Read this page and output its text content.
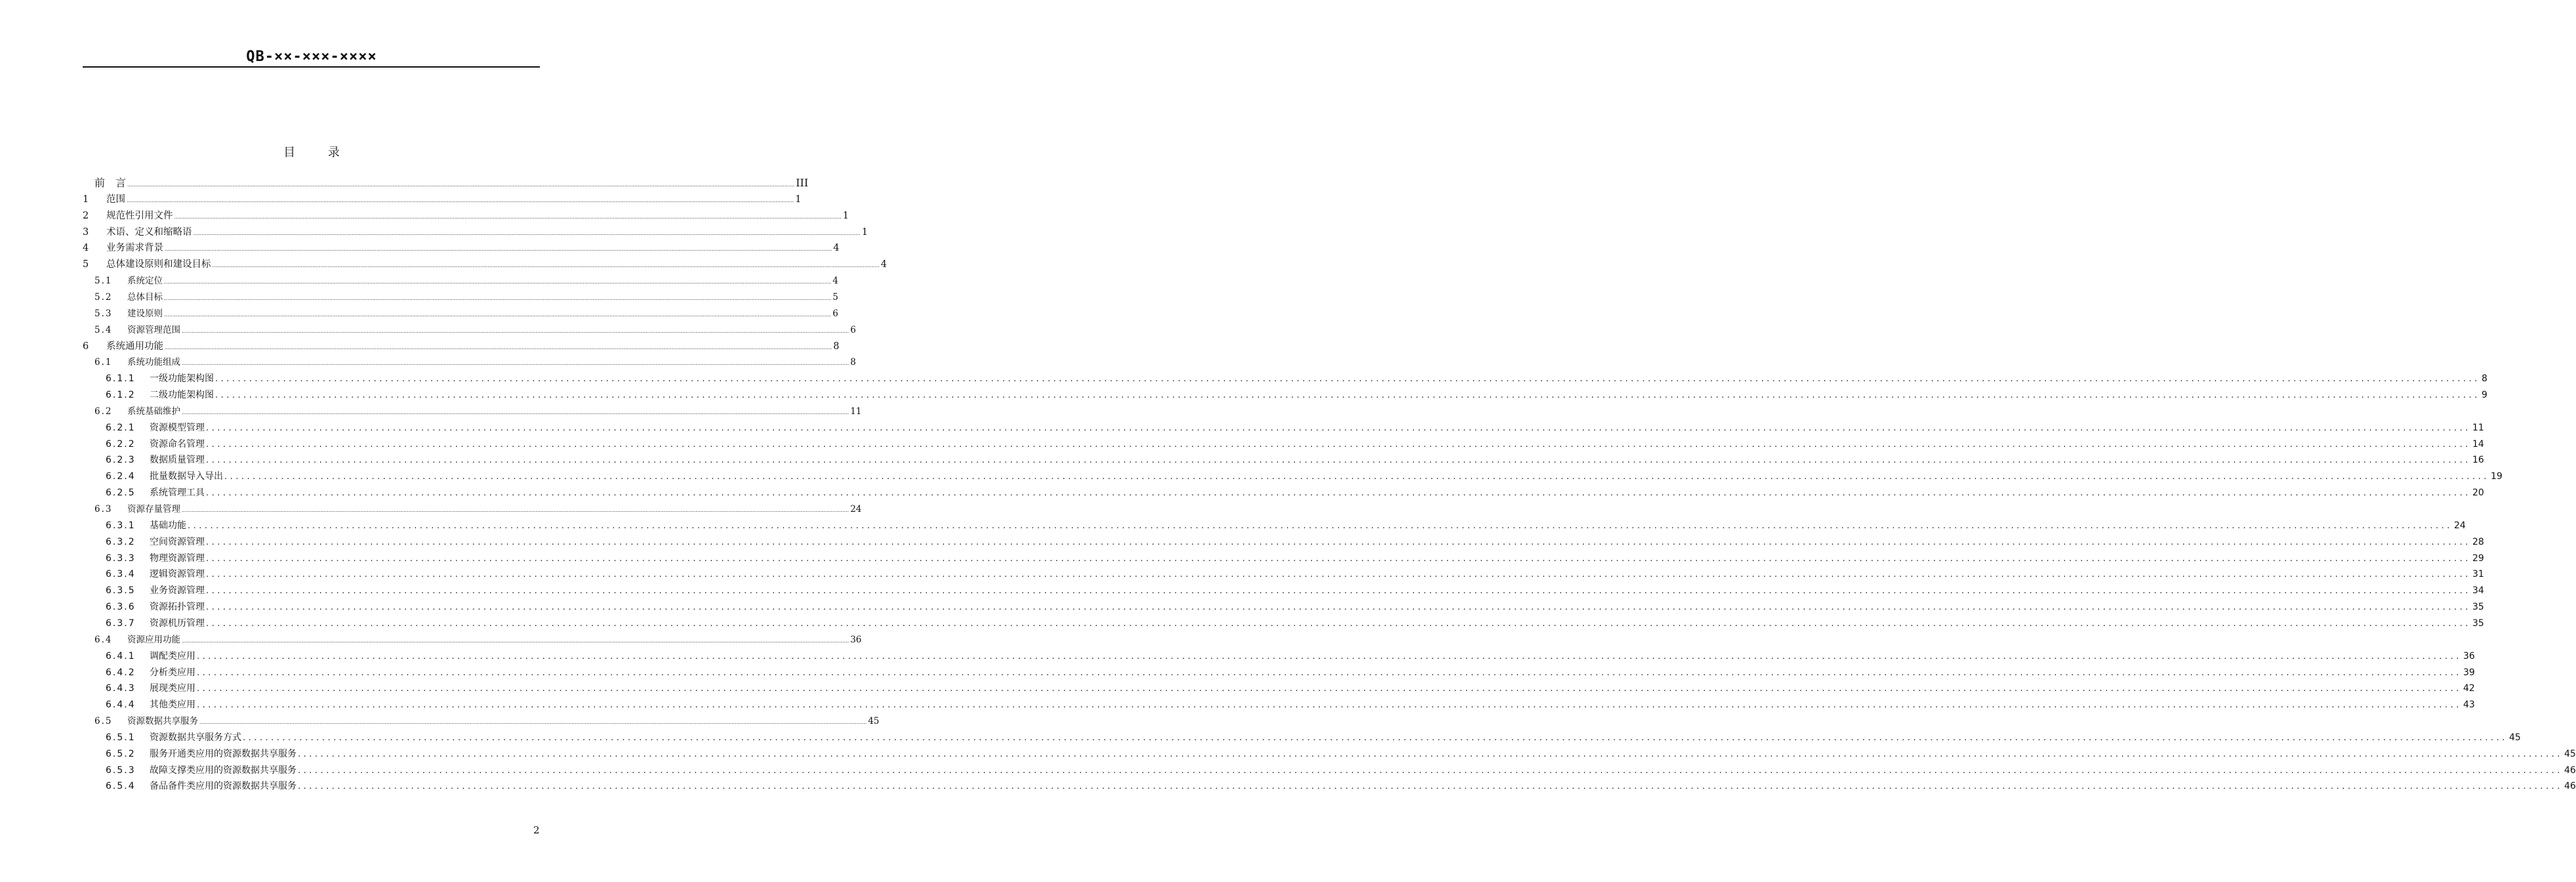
QB-××-×××-××××
目 录
前　言 ................................................................................................................................................................................................................................................................................................................................................................................................................ III
1 范围 ................................................................................................................................................................................................................................................................................................................................................................................................................ 1
2 规范性引用文件 ................................................................................................................................................................................................................................................................................................................................................................................................................ 1
3 术语、定义和缩略语 ................................................................................................................................................................................................................................................................................................................................................................................................................ 1
4 业务需求背景 ................................................................................................................................................................................................................................................................................................................................................................................................................ 4
5 总体建设原则和建设目标 ................................................................................................................................................................................................................................................................................................................................................................................................................ 4
5.1 系统定位 ................................................................................................................................................................................................................................................................................................................................................................................................................ 4
5.2 总体目标 ................................................................................................................................................................................................................................................................................................................................................................................................................ 5
5.3 建设原则 ................................................................................................................................................................................................................................................................................................................................................................................................................ 6
5.4 资源管理范围 ................................................................................................................................................................................................................................................................................................................................................................................................................ 6
6 系统通用功能 ................................................................................................................................................................................................................................................................................................................................................................................................................ 8
6.1 系统功能组成 ................................................................................................................................................................................................................................................................................................................................................................................................................ 8
6.1.1 一级功能架构图 ................................................................................................................................................................................................................................................................................................................................................................................................................ 8
6.1.2 二级功能架构图 ................................................................................................................................................................................................................................................................................................................................................................................................................ 9
6.2 系统基础维护 ................................................................................................................................................................................................................................................................................................................................................................................................................ 11
6.2.1 资源模型管理 ................................................................................................................................................................................................................................................................................................................................................................................................................ 11
6.2.2 资源命名管理 ................................................................................................................................................................................................................................................................................................................................................................................................................ 14
6.2.3 数据质量管理 ................................................................................................................................................................................................................................................................................................................................................................................................................ 16
6.2.4 批量数据导入导出 ................................................................................................................................................................................................................................................................................................................................................................................................................ 19
6.2.5 系统管理工具 ................................................................................................................................................................................................................................................................................................................................................................................................................ 20
6.3 资源存量管理 ................................................................................................................................................................................................................................................................................................................................................................................................................ 24
6.3.1 基础功能 ................................................................................................................................................................................................................................................................................................................................................................................................................ 24
6.3.2 空间资源管理 ................................................................................................................................................................................................................................................................................................................................................................................................................ 28
6.3.3 物理资源管理 ................................................................................................................................................................................................................................................................................................................................................................................................................ 29
6.3.4 逻辑资源管理 ................................................................................................................................................................................................................................................................................................................................................................................................................ 31
6.3.5 业务资源管理 ................................................................................................................................................................................................................................................................................................................................................................................................................ 34
6.3.6 资源拓扑管理 ................................................................................................................................................................................................................................................................................................................................................................................................................ 35
6.3.7 资源机历管理 ................................................................................................................................................................................................................................................................................................................................................................................................................ 35
6.4 资源应用功能 ................................................................................................................................................................................................................................................................................................................................................................................................................ 36
6.4.1 调配类应用 ................................................................................................................................................................................................................................................................................................................................................................................................................ 36
6.4.2 分析类应用 ................................................................................................................................................................................................................................................................................................................................................................................................................ 39
6.4.3 展现类应用 ................................................................................................................................................................................................................................................................................................................................................................................................................ 42
6.4.4 其他类应用 ................................................................................................................................................................................................................................................................................................................................................................................................................ 43
6.5 资源数据共享服务 ................................................................................................................................................................................................................................................................................................................................................................................................................ 45
6.5.1 资源数据共享服务方式 ................................................................................................................................................................................................................................................................................................................................................................................................................ 45
6.5.2 服务开通类应用的资源数据共享服务 ................................................................................................................................................................................................................................................................................................................................................................................................................ 45
6.5.3 故障支撑类应用的资源数据共享服务 ................................................................................................................................................................................................................................................................................................................................................................................................................ 46
6.5.4 备品备件类应用的资源数据共享服务 ................................................................................................................................................................................................................................................................................................................................................................................................................ 46
2
